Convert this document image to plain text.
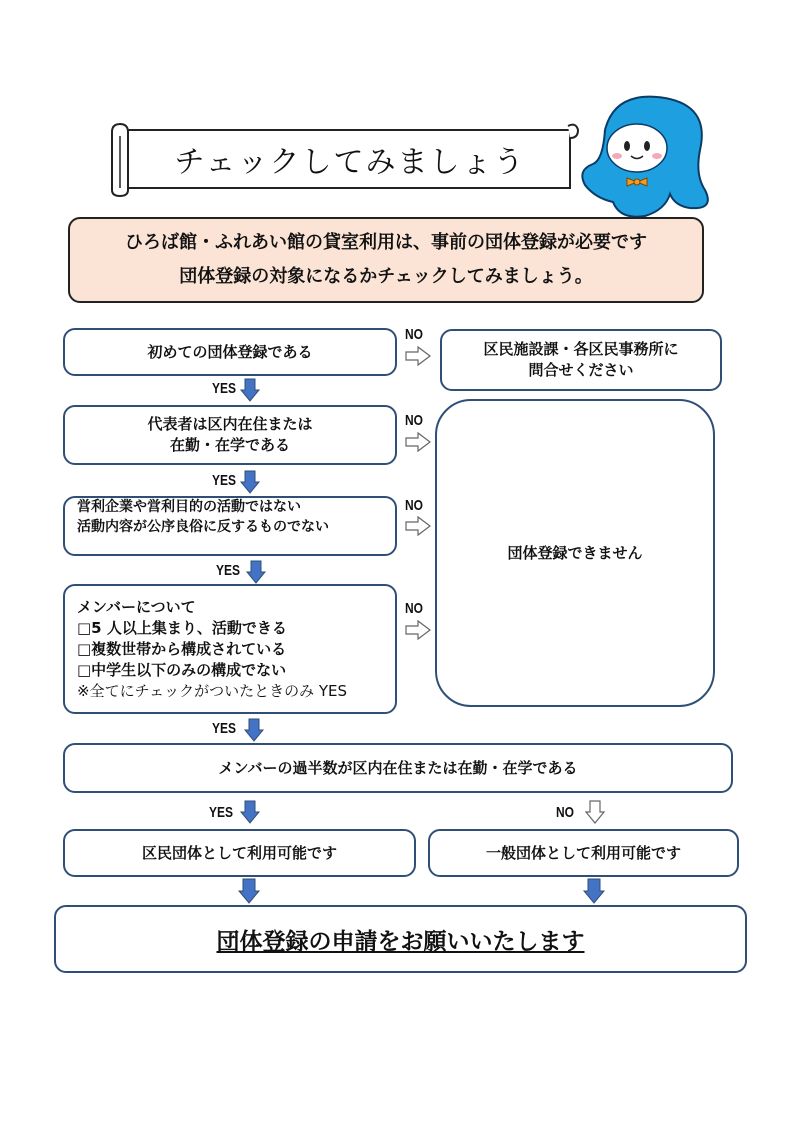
チェックしてみましょう
ひろば館・ふれあい館の貸室利用は、事前の団体登録が必要です
団体登録の対象になるかチェックしてみましょう。
初めての団体登録である
NO
区民施設課・各区民事務所に
問合せください
YES
代表者は区内在住または
在勤・在学である
NO
YES
営利企業や営利目的の活動ではない
活動内容が公序良俗に反するものでない
NO
YES
メンバーについて
□5 人以上集まり、活動できる
□複数世帯から構成されている
□中学生以下のみの構成でない
※全てにチェックがついたときのみ YES
NO
団体登録できません
YES
メンバーの過半数が区内在住または在勤・在学である
YES	NO
区民団体として利用可能です	一般団体として利用可能です
団体登録の申請をお願いいたします
